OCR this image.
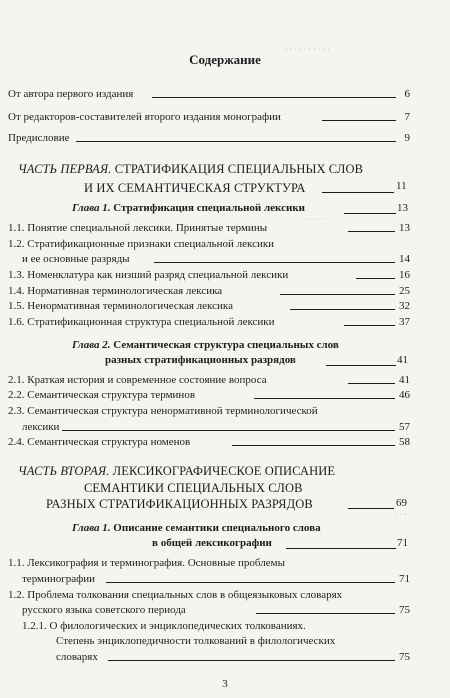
· · · · · · · · · ·
· · · · · ·
· · · ·
Содержание
От автора первого издания	6
От редакторов-составителей второго издания монографии	7
Предисловие	9
ЧАСТЬ ПЕРВАЯ. СТРАТИФИКАЦИЯ СПЕЦИАЛЬНЫХ СЛОВ
И ИХ СЕМАНТИЧЕСКАЯ СТРУКТУРА	11
Глава 1. Стратификация специальной лексики	13
1.1. Понятие специальной лексики. Принятые термины	13
1.2. Стратификационные признаки специальной лексики
и ее основные разряды	14
1.3. Номенклатура как низший разряд специальной лексики	16
1.4. Нормативная терминологическая лексика	25
1.5. Ненормативная терминологическая лексика	32
1.6. Стратификационная структура специальной лексики	37
Глава 2. Семантическая структура специальных слов
разных стратификационных разрядов	41
2.1. Краткая история и современное состояние вопроса	41
2.2. Семантическая структура терминов	46
2.3. Семантическая структура ненормативной терминологической
лексики	57
2.4. Семантическая структура номенов	58
ЧАСТЬ ВТОРАЯ. ЛЕКСИКОГРАФИЧЕСКОЕ ОПИСАНИЕ
СЕМАНТИКИ СПЕЦИАЛЬНЫХ СЛОВ
РАЗНЫХ СТРАТИФИКАЦИОННЫХ РАЗРЯДОВ	69
Глава 1. Описание семантики специального слова
в общей лексикографии	71
1.1. Лексикография и терминография. Основные проблемы
терминографии	71
1.2. Проблема толкования специальных слов в общеязыковых словарях
русского языка советского периода	75
1.2.1. О филологических и энциклопедических толкованиях.
Степень энциклопедичности толкований в филологических
словарях	75
3
